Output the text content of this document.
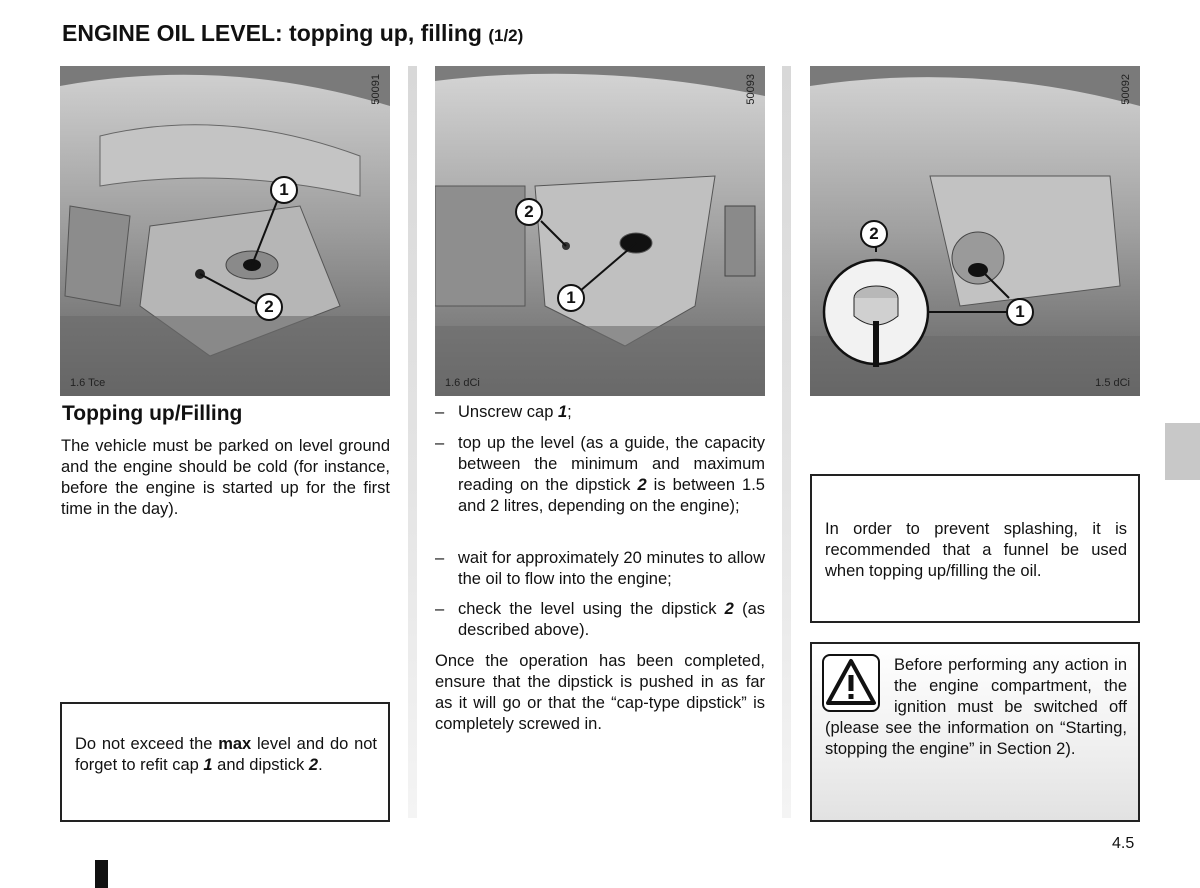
ENGINE OIL LEVEL: topping up, filling (1/2)
50091
1.6 Tce
1
2
50093
1.6 dCi
2
1
50092
1.5 dCi
2
1
Topping up/Filling
The vehicle must be parked on level ground and the engine should be cold (for instance, before the engine is started up for the first time in the day).
Do not exceed the max level and do not forget to refit cap 1 and dipstick 2.
– Unscrew cap 1;
– top up the level (as a guide, the capacity between the minimum and maximum reading on the dipstick 2 is between 1.5 and 2 litres, depending on the engine);
– wait for approximately 20 minutes to allow the oil to flow into the engine;
– check the level using the dipstick 2 (as described above).
Once the operation has been completed, ensure that the dipstick is pushed in as far as it will go or that the “cap-type dipstick” is completely screwed in.
In order to prevent splashing, it is recommended that a funnel be used when topping up/filling the oil.
Before performing any action in the engine compartment, the ignition must be switched off (please see the information on “Starting, stopping the engine” in Section 2).
4.5
